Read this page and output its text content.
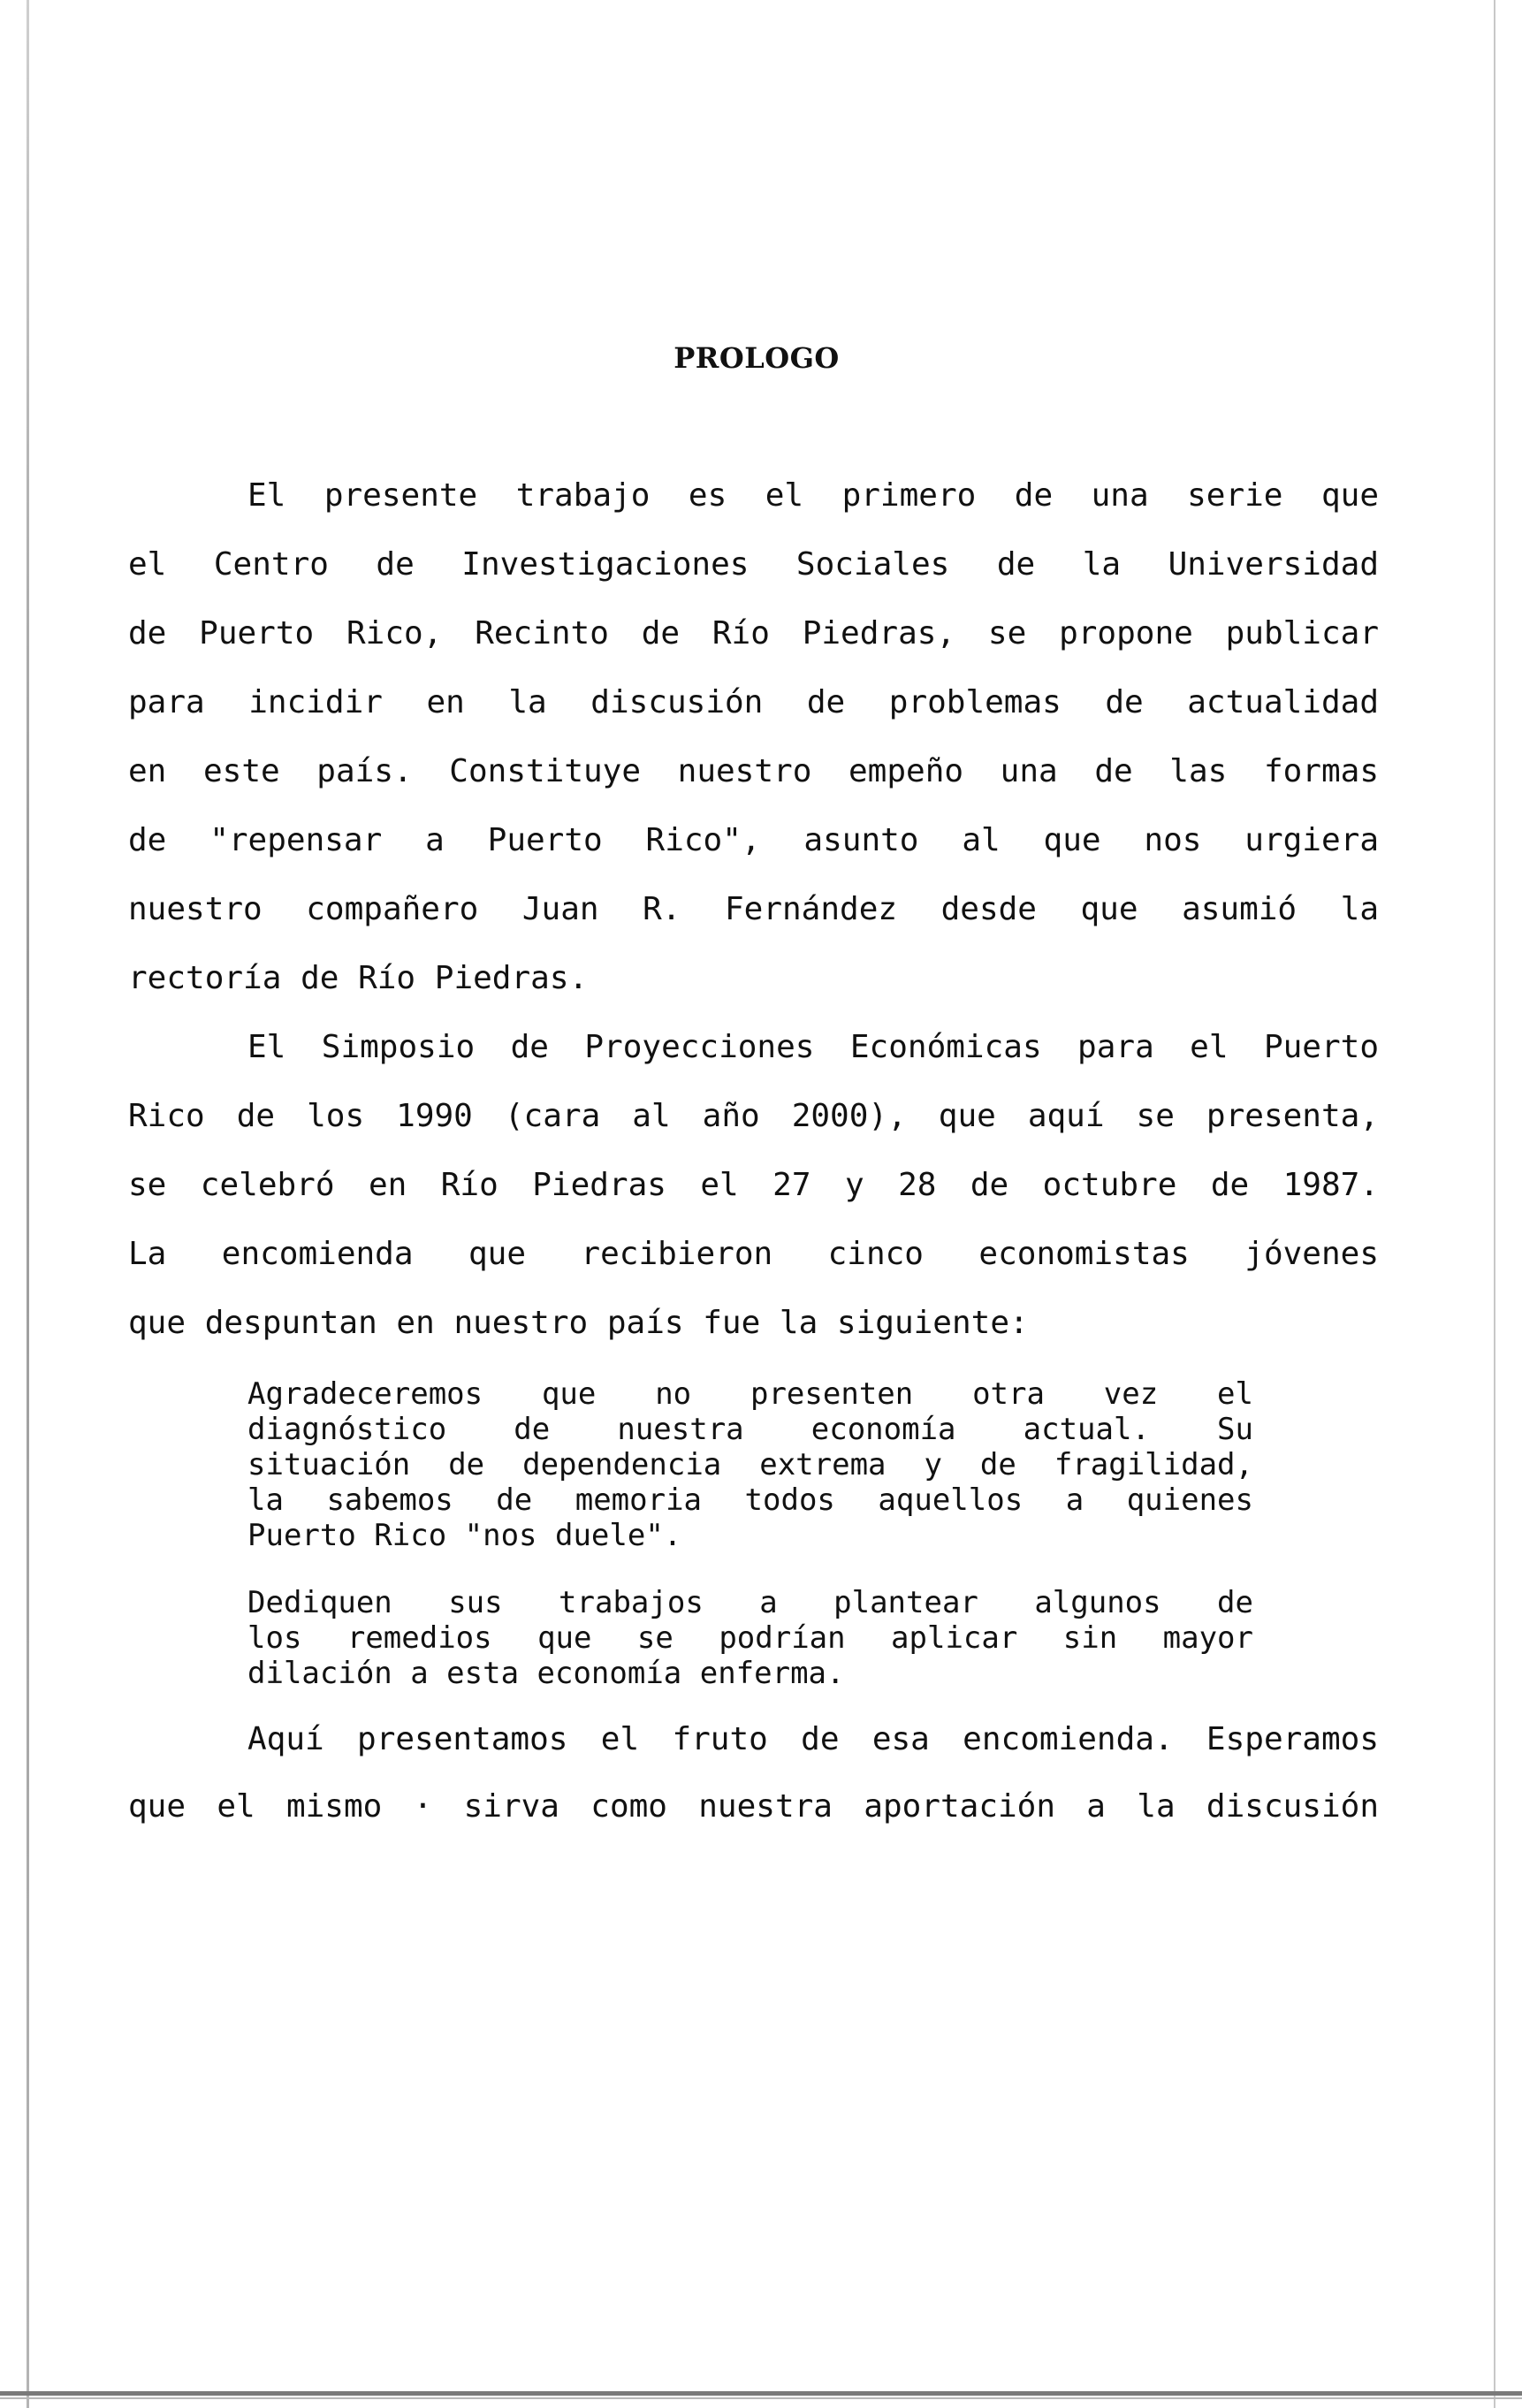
PROLOGO
El presente trabajo es el primero de una serie que
el Centro de Investigaciones Sociales de la Universidad
de Puerto Rico, Recinto de Río Piedras, se propone publicar
para incidir en la discusión de problemas de actualidad
en este país. Constituye nuestro empeño una de las formas
de "repensar a Puerto Rico", asunto al que nos urgiera
nuestro compañero Juan R. Fernández desde que asumió la
rectoría de Río Piedras.
El Simposio de Proyecciones Económicas para el Puerto
Rico de los 1990 (cara al año 2000), que aquí se presenta,
se celebró en Río Piedras el 27 y 28 de octubre de 1987.
La encomienda que recibieron cinco economistas jóvenes
que despuntan en nuestro país fue la siguiente:
Agradeceremos que no presenten otra vez el
diagnóstico de nuestra economía actual. Su
situación de dependencia extrema y de fragilidad,
la sabemos de memoria todos aquellos a quienes
Puerto Rico "nos duele".
Dediquen sus trabajos a plantear algunos de
los remedios que se podrían aplicar sin mayor
dilación a esta economía enferma.
Aquí presentamos el fruto de esa encomienda. Esperamos
que el mismo · sirva como nuestra aportación a la discusión
